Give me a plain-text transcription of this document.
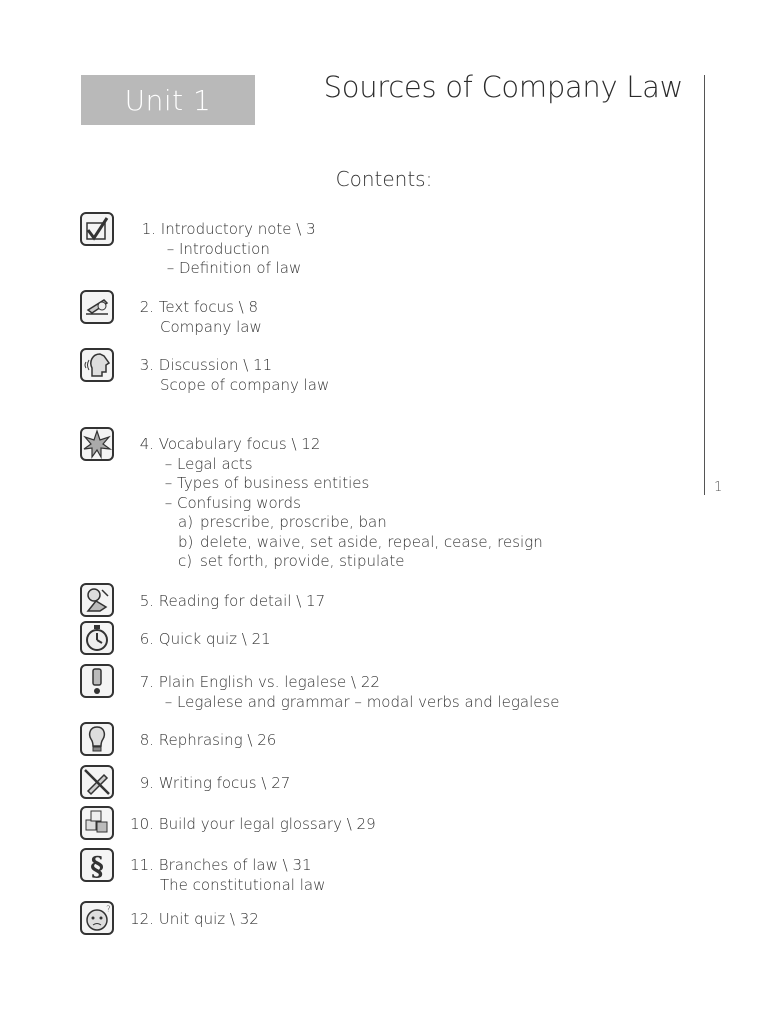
Unit 1	Sources of Company Law
1
Contents:
1. Introductory note \ 3
– Introduction
– Definition of law
2. Text focus \ 8
Company law
3. Discussion \ 11
Scope of company law
4. Vocabulary focus \ 12
– Legal acts
– Types of business entities
– Confusing words
a) prescribe, proscribe, ban
b) delete, waive, set aside, repeal, cease, resign
c) set forth, provide, stipulate
5. Reading for detail \ 17
6. Quick quiz \ 21
7. Plain English vs. legalese \ 22
– Legalese and grammar – modal verbs and legalese
8. Rephrasing \ 26
9. Writing focus \ 27
10. Build your legal glossary \ 29
§ 11. Branches of law \ 31
The constitutional law
? 12. Unit quiz \ 32
